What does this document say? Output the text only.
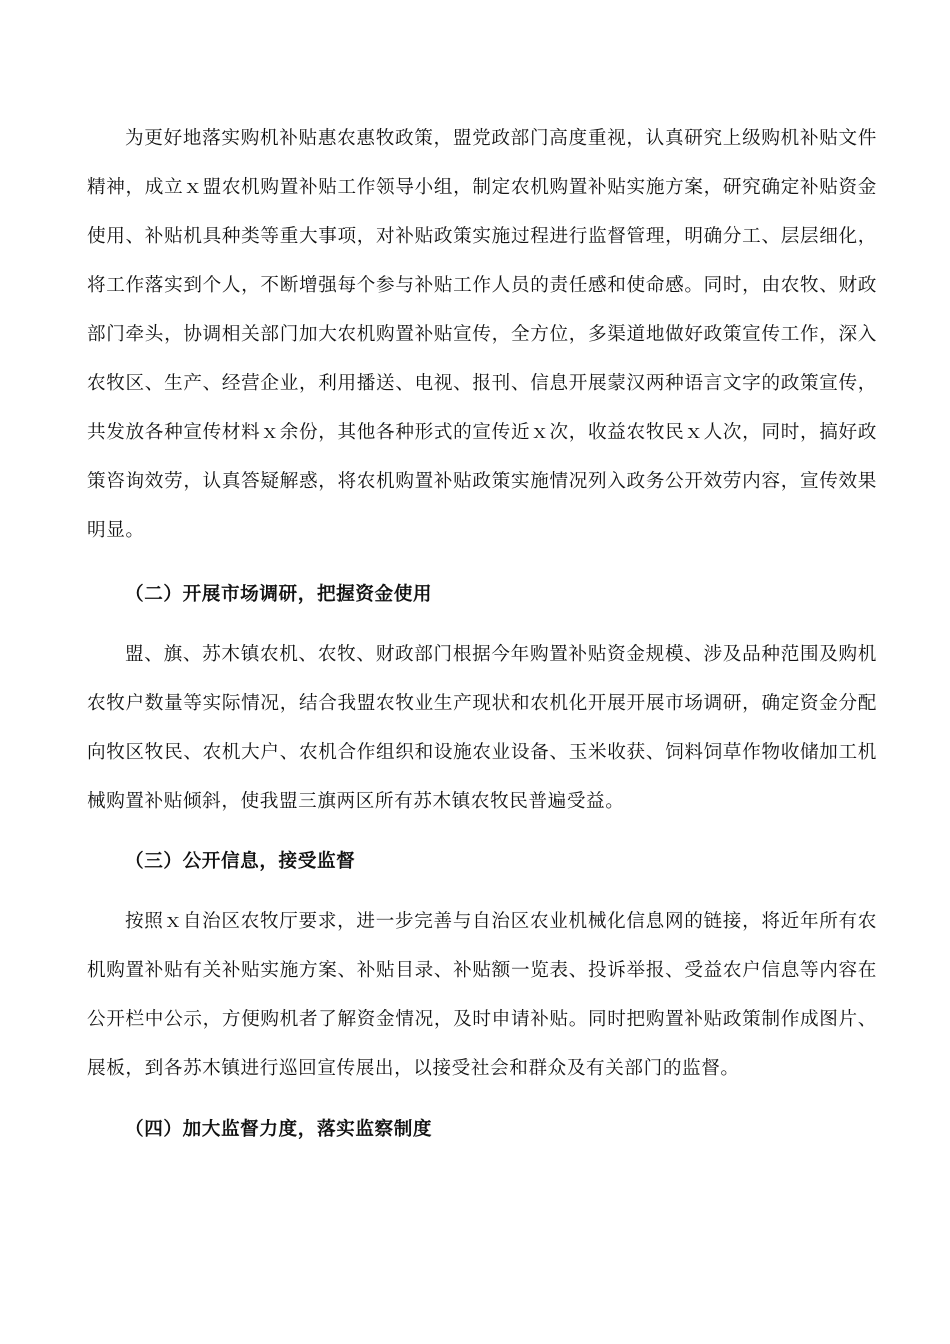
为更好地落实购机补贴惠农惠牧政策，盟党政部门高度重视，认真研究上级购机补贴文件精神，成立ｘ盟农机购置补贴工作领导小组，制定农机购置补贴实施方案，研究确定补贴资金使用、补贴机具种类等重大事项，对补贴政策实施过程进行监督管理，明确分工、层层细化，将工作落实到个人，不断增强每个参与补贴工作人员的责任感和使命感。同时，由农牧、财政部门牵头，协调相关部门加大农机购置补贴宣传，全方位，多渠道地做好政策宣传工作，深入农牧区、生产、经营企业，利用播送、电视、报刊、信息开展蒙汉两种语言文字的政策宣传，共发放各种宣传材料ｘ余份，其他各种形式的宣传近ｘ次，收益农牧民ｘ人次，同时，搞好政策咨询效劳，认真答疑解惑，将农机购置补贴政策实施情况列入政务公开效劳内容，宣传效果明显。

（二）开展市场调研，把握资金使用

盟、旗、苏木镇农机、农牧、财政部门根据今年购置补贴资金规模、涉及品种范围及购机农牧户数量等实际情况，结合我盟农牧业生产现状和农机化开展开展市场调研，确定资金分配向牧区牧民、农机大户、农机合作组织和设施农业设备、玉米收获、饲料饲草作物收储加工机械购置补贴倾斜，使我盟三旗两区所有苏木镇农牧民普遍受益。

（三）公开信息，接受监督

按照ｘ自治区农牧厅要求，进一步完善与自治区农业机械化信息网的链接，将近年所有农机购置补贴有关补贴实施方案、补贴目录、补贴额一览表、投诉举报、受益农户信息等内容在公开栏中公示，方便购机者了解资金情况，及时申请补贴。同时把购置补贴政策制作成图片、展板，到各苏木镇进行巡回宣传展出，以接受社会和群众及有关部门的监督。

（四）加大监督力度，落实监察制度
